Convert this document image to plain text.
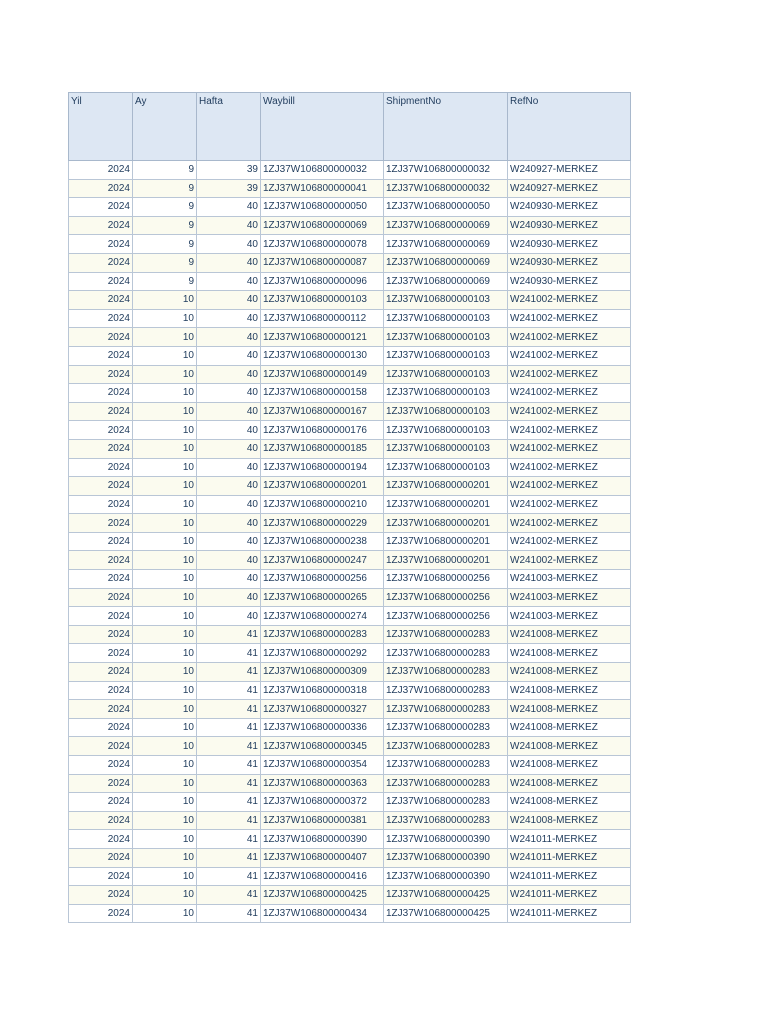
Yil	Ay	Hafta	Waybill	ShipmentNo	RefNo
2024	9	39	1ZJ37W106800000032	1ZJ37W106800000032	W240927-MERKEZ
2024	9	39	1ZJ37W106800000041	1ZJ37W106800000032	W240927-MERKEZ
2024	9	40	1ZJ37W106800000050	1ZJ37W106800000050	W240930-MERKEZ
2024	9	40	1ZJ37W106800000069	1ZJ37W106800000069	W240930-MERKEZ
2024	9	40	1ZJ37W106800000078	1ZJ37W106800000069	W240930-MERKEZ
2024	9	40	1ZJ37W106800000087	1ZJ37W106800000069	W240930-MERKEZ
2024	9	40	1ZJ37W106800000096	1ZJ37W106800000069	W240930-MERKEZ
2024	10	40	1ZJ37W106800000103	1ZJ37W106800000103	W241002-MERKEZ
2024	10	40	1ZJ37W106800000112	1ZJ37W106800000103	W241002-MERKEZ
2024	10	40	1ZJ37W106800000121	1ZJ37W106800000103	W241002-MERKEZ
2024	10	40	1ZJ37W106800000130	1ZJ37W106800000103	W241002-MERKEZ
2024	10	40	1ZJ37W106800000149	1ZJ37W106800000103	W241002-MERKEZ
2024	10	40	1ZJ37W106800000158	1ZJ37W106800000103	W241002-MERKEZ
2024	10	40	1ZJ37W106800000167	1ZJ37W106800000103	W241002-MERKEZ
2024	10	40	1ZJ37W106800000176	1ZJ37W106800000103	W241002-MERKEZ
2024	10	40	1ZJ37W106800000185	1ZJ37W106800000103	W241002-MERKEZ
2024	10	40	1ZJ37W106800000194	1ZJ37W106800000103	W241002-MERKEZ
2024	10	40	1ZJ37W106800000201	1ZJ37W106800000201	W241002-MERKEZ
2024	10	40	1ZJ37W106800000210	1ZJ37W106800000201	W241002-MERKEZ
2024	10	40	1ZJ37W106800000229	1ZJ37W106800000201	W241002-MERKEZ
2024	10	40	1ZJ37W106800000238	1ZJ37W106800000201	W241002-MERKEZ
2024	10	40	1ZJ37W106800000247	1ZJ37W106800000201	W241002-MERKEZ
2024	10	40	1ZJ37W106800000256	1ZJ37W106800000256	W241003-MERKEZ
2024	10	40	1ZJ37W106800000265	1ZJ37W106800000256	W241003-MERKEZ
2024	10	40	1ZJ37W106800000274	1ZJ37W106800000256	W241003-MERKEZ
2024	10	41	1ZJ37W106800000283	1ZJ37W106800000283	W241008-MERKEZ
2024	10	41	1ZJ37W106800000292	1ZJ37W106800000283	W241008-MERKEZ
2024	10	41	1ZJ37W106800000309	1ZJ37W106800000283	W241008-MERKEZ
2024	10	41	1ZJ37W106800000318	1ZJ37W106800000283	W241008-MERKEZ
2024	10	41	1ZJ37W106800000327	1ZJ37W106800000283	W241008-MERKEZ
2024	10	41	1ZJ37W106800000336	1ZJ37W106800000283	W241008-MERKEZ
2024	10	41	1ZJ37W106800000345	1ZJ37W106800000283	W241008-MERKEZ
2024	10	41	1ZJ37W106800000354	1ZJ37W106800000283	W241008-MERKEZ
2024	10	41	1ZJ37W106800000363	1ZJ37W106800000283	W241008-MERKEZ
2024	10	41	1ZJ37W106800000372	1ZJ37W106800000283	W241008-MERKEZ
2024	10	41	1ZJ37W106800000381	1ZJ37W106800000283	W241008-MERKEZ
2024	10	41	1ZJ37W106800000390	1ZJ37W106800000390	W241011-MERKEZ
2024	10	41	1ZJ37W106800000407	1ZJ37W106800000390	W241011-MERKEZ
2024	10	41	1ZJ37W106800000416	1ZJ37W106800000390	W241011-MERKEZ
2024	10	41	1ZJ37W106800000425	1ZJ37W106800000425	W241011-MERKEZ
2024	10	41	1ZJ37W106800000434	1ZJ37W106800000425	W241011-MERKEZ
